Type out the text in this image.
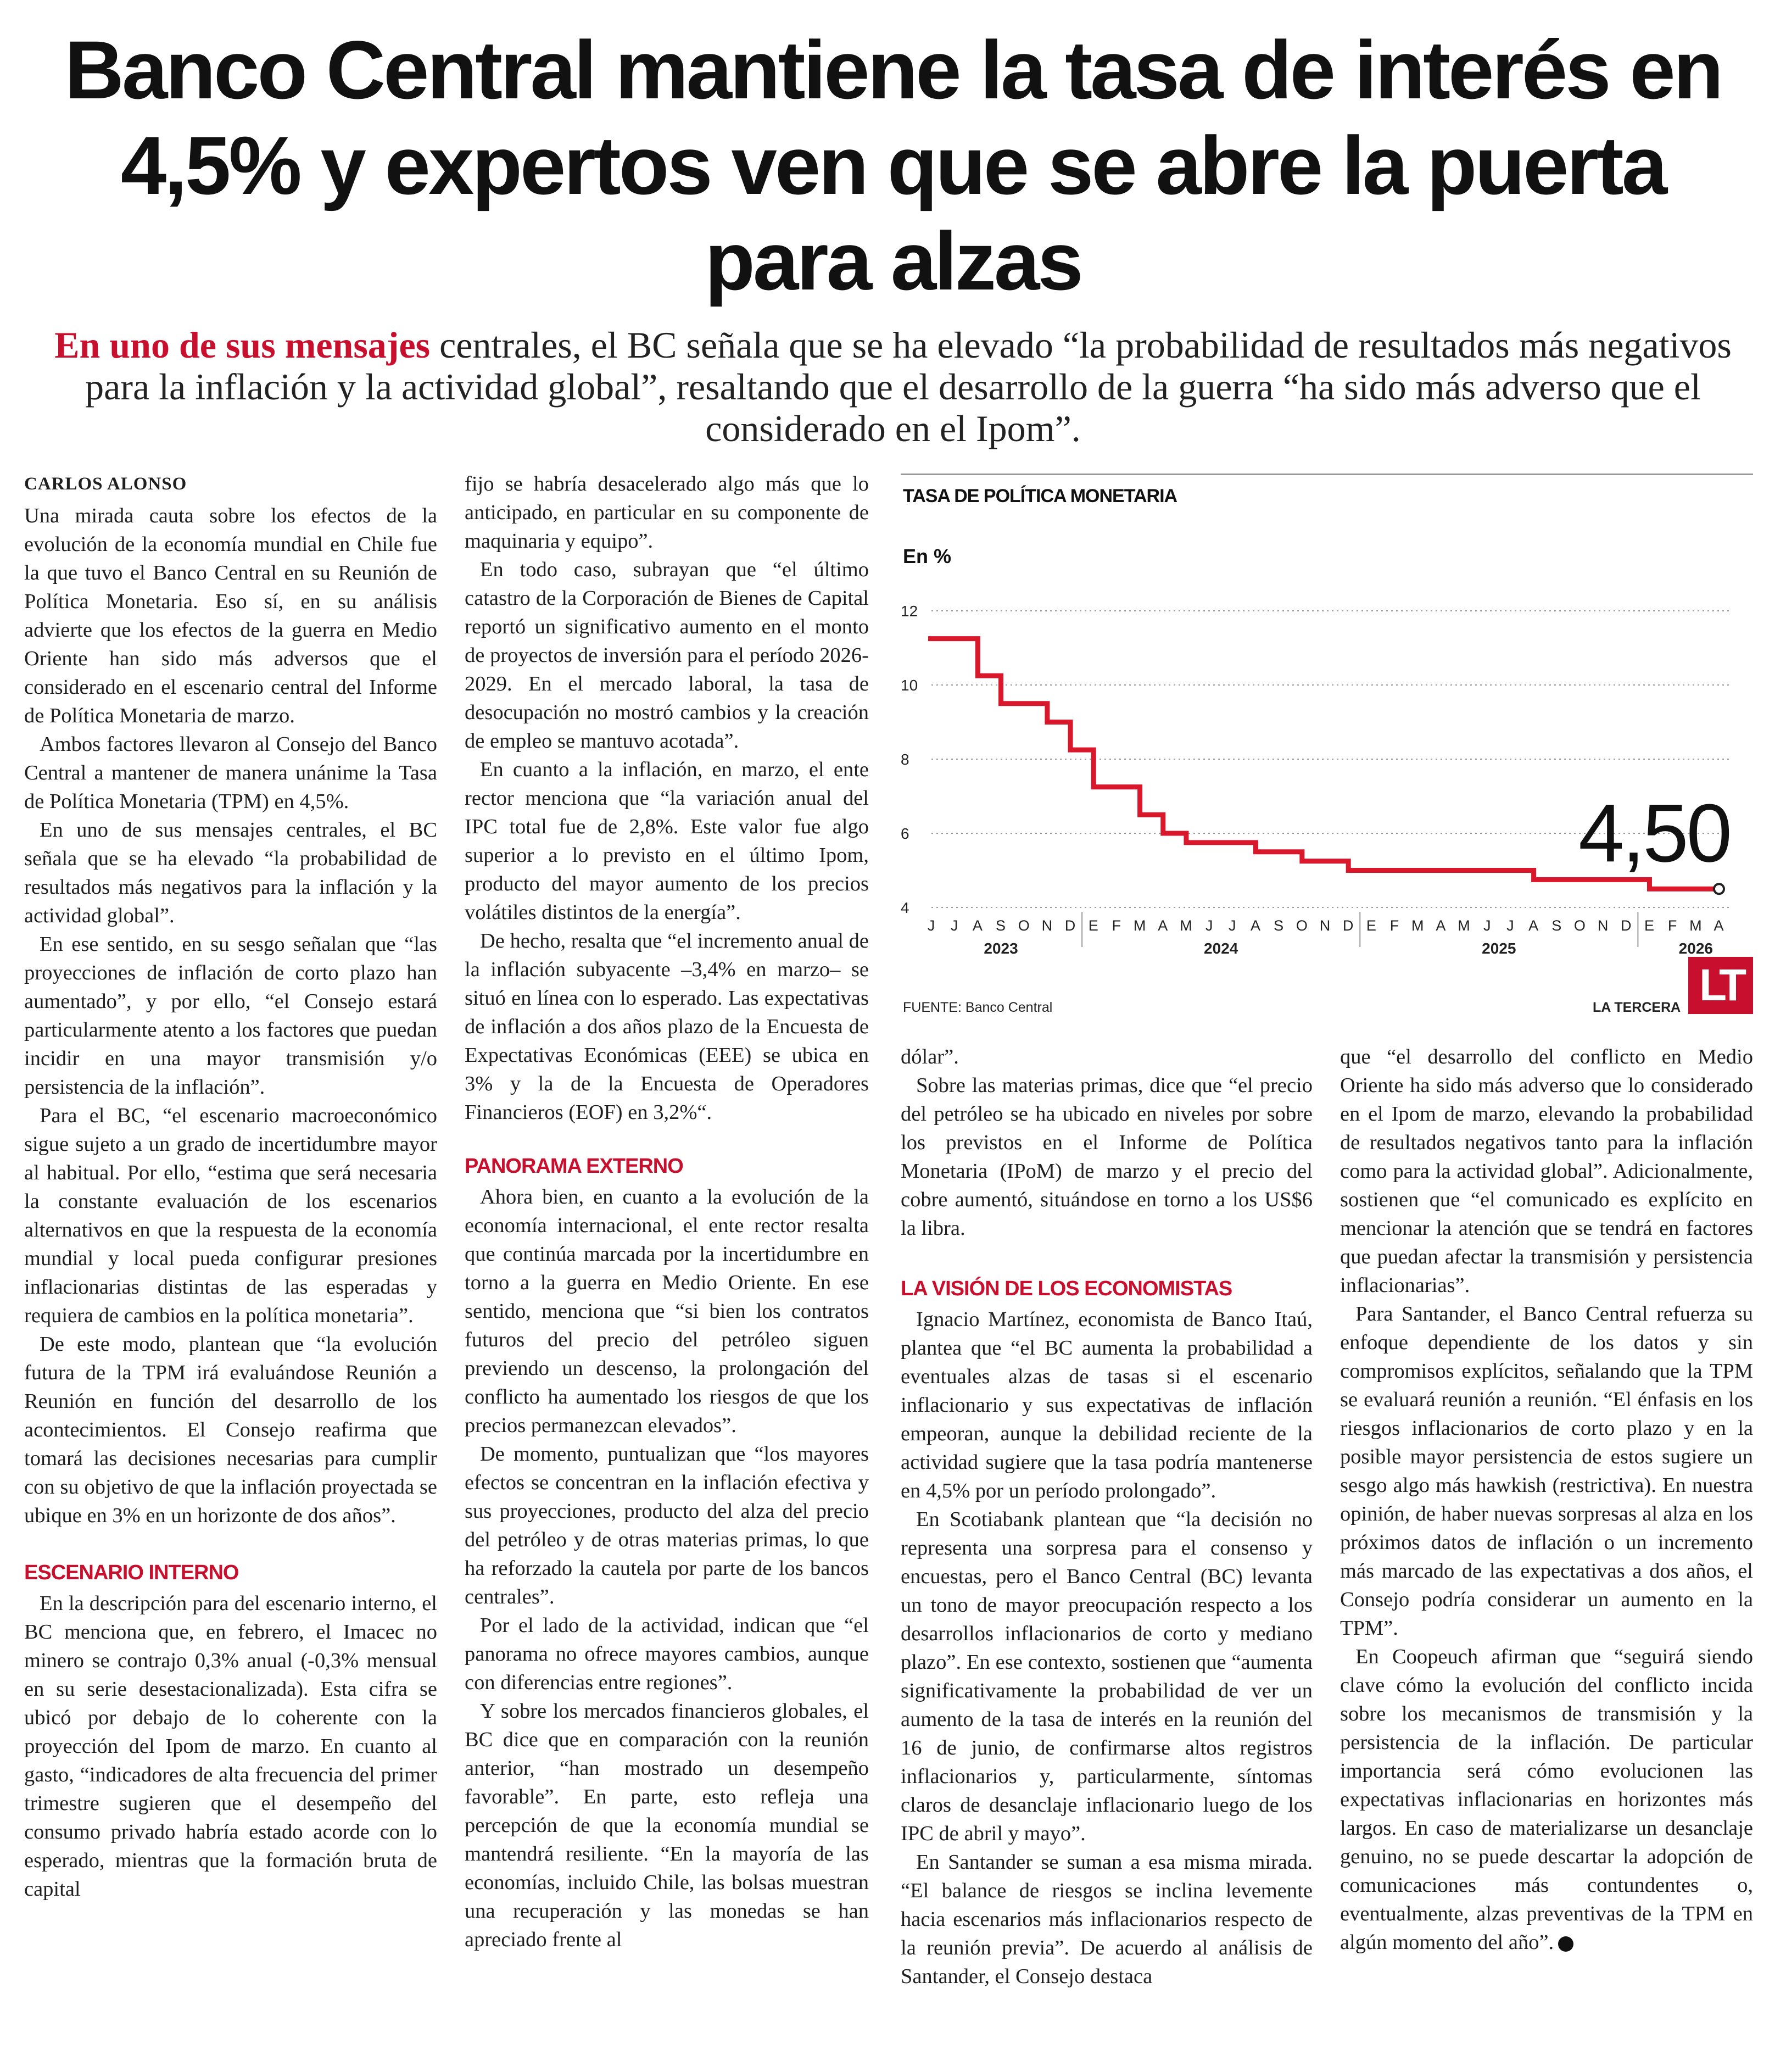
Banco Central mantiene la tasa de interés en 4,5% y expertos ven que se abre la puerta para alzas

En uno de sus mensajes centrales, el BC señala que se ha elevado “la probabilidad de resultados más negativos para la inflación y la actividad global”, resaltando que el desarrollo de la guerra “ha sido más adverso que el considerado en el Ipom”.

CARLOS ALONSO

Una mirada cauta sobre los efectos de la evolución de la economía mundial en Chile fue la que tuvo el Banco Central en su Reunión de Política Monetaria. Eso sí, en su análisis advierte que los efectos de la guerra en Medio Oriente han sido más adversos que el considerado en el escenario central del Informe de Política Monetaria de marzo.

Ambos factores llevaron al Consejo del Banco Central a mantener de manera unánime la Tasa de Política Monetaria (TPM) en 4,5%.

En uno de sus mensajes centrales, el BC señala que se ha elevado “la probabilidad de resultados más negativos para la inflación y la actividad global”.

En ese sentido, en su sesgo señalan que “las proyecciones de inflación de corto plazo han aumentado”, y por ello, “el Consejo estará particularmente atento a los factores que puedan incidir en una mayor transmisión y/o persistencia de la inflación”.

Para el BC, “el escenario macroeconómico sigue sujeto a un grado de incertidumbre mayor al habitual. Por ello, “estima que será necesaria la constante evaluación de los escenarios alternativos en que la respuesta de la economía mundial y local pueda configurar presiones inflacionarias distintas de las esperadas y requiera de cambios en la política monetaria”.

De este modo, plantean que “la evolución futura de la TPM irá evaluándose Reunión a Reunión en función del desarrollo de los acontecimientos. El Consejo reafirma que tomará las decisiones necesarias para cumplir con su objetivo de que la inflación proyectada se ubique en 3% en un horizonte de dos años”.

ESCENARIO INTERNO

En la descripción para del escenario interno, el BC menciona que, en febrero, el Imacec no minero se contrajo 0,3% anual (-0,3% mensual en su serie desestacionalizada). Esta cifra se ubicó por debajo de lo coherente con la proyección del Ipom de marzo. En cuanto al gasto, “indicadores de alta frecuencia del primer trimestre sugieren que el desempeño del consumo privado habría estado acorde con lo esperado, mientras que la formación bruta de capital

fijo se habría desacelerado algo más que lo anticipado, en particular en su componente de maquinaria y equipo”.

En todo caso, subrayan que “el último catastro de la Corporación de Bienes de Capital reportó un significativo aumento en el monto de proyectos de inversión para el período 2026-2029. En el mercado laboral, la tasa de desocupación no mostró cambios y la creación de empleo se mantuvo acotada”.

En cuanto a la inflación, en marzo, el ente rector menciona que “la variación anual del IPC total fue de 2,8%. Este valor fue algo superior a lo previsto en el último Ipom, producto del mayor aumento de los precios volátiles distintos de la energía”.

De hecho, resalta que “el incremento anual de la inflación subyacente –3,4% en marzo– se situó en línea con lo esperado. Las expectativas de inflación a dos años plazo de la Encuesta de Expectativas Económicas (EEE) se ubica en 3% y la de la Encuesta de Operadores Financieros (EOF) en 3,2%“.

PANORAMA EXTERNO

Ahora bien, en cuanto a la evolución de la economía internacional, el ente rector resalta que continúa marcada por la incertidumbre en torno a la guerra en Medio Oriente. En ese sentido, menciona que “si bien los contratos futuros del precio del petróleo siguen previendo un descenso, la prolongación del conflicto ha aumentado los riesgos de que los precios permanezcan elevados”.

De momento, puntualizan que “los mayores efectos se concentran en la inflación efectiva y sus proyecciones, producto del alza del precio del petróleo y de otras materias primas, lo que ha reforzado la cautela por parte de los bancos centrales”.

Por el lado de la actividad, indican que “el panorama no ofrece mayores cambios, aunque con diferencias entre regiones”.

Y sobre los mercados financieros globales, el BC dice que en comparación con la reunión anterior, “han mostrado un desempeño favorable”. En parte, esto refleja una percepción de que la economía mundial se mantendrá resiliente. “En la mayoría de las economías, incluido Chile, las bolsas muestran una recuperación y las monedas se han apreciado frente al

TASA DE POLÍTICA MONETARIA
En %
12
10
8
6
4
J J A S O N D E F M A M J J A S O N D E F M A M J J A S O N D E F M A
2023	2024	2025	2026
4,50
FUENTE: Banco Central	LA TERCERA LT

dólar”.

Sobre las materias primas, dice que “el precio del petróleo se ha ubicado en niveles por sobre los previstos en el Informe de Política Monetaria (IPoM) de marzo y el precio del cobre aumentó, situándose en torno a los US$6 la libra.

LA VISIÓN DE LOS ECONOMISTAS

Ignacio Martínez, economista de Banco Itaú, plantea que “el BC aumenta la probabilidad a eventuales alzas de tasas si el escenario inflacionario y sus expectativas de inflación empeoran, aunque la debilidad reciente de la actividad sugiere que la tasa podría mantenerse en 4,5% por un período prolongado”.

En Scotiabank plantean que “la decisión no representa una sorpresa para el consenso y encuestas, pero el Banco Central (BC) levanta un tono de mayor preocupación respecto a los desarrollos inflacionarios de corto y mediano plazo”. En ese contexto, sostienen que “aumenta significativamente la probabilidad de ver un aumento de la tasa de interés en la reunión del 16 de junio, de confirmarse altos registros inflacionarios y, particularmente, síntomas claros de desanclaje inflacionario luego de los IPC de abril y mayo”.

En Santander se suman a esa misma mirada. “El balance de riesgos se inclina levemente hacia escenarios más inflacionarios respecto de la reunión previa”. De acuerdo al análisis de Santander, el Consejo destaca

que “el desarrollo del conflicto en Medio Oriente ha sido más adverso que lo considerado en el Ipom de marzo, elevando la probabilidad de resultados negativos tanto para la inflación como para la actividad global”. Adicionalmente, sostienen que “el comunicado es explícito en mencionar la atención que se tendrá en factores que puedan afectar la transmisión y persistencia inflacionarias”.

Para Santander, el Banco Central refuerza su enfoque dependiente de los datos y sin compromisos explícitos, señalando que la TPM se evaluará reunión a reunión. “El énfasis en los riesgos inflacionarios de corto plazo y en la posible mayor persistencia de estos sugiere un sesgo algo más hawkish (restrictiva). En nuestra opinión, de haber nuevas sorpresas al alza en los próximos datos de inflación o un incremento más marcado de las expectativas a dos años, el Consejo podría considerar un aumento en la TPM”.

En Coopeuch afirman que “seguirá siendo clave cómo la evolución del conflicto incida sobre los mecanismos de transmisión y la persistencia de la inflación. De particular importancia será cómo evolucionen las expectativas inflacionarias en horizontes más largos. En caso de materializarse un desanclaje genuino, no se puede descartar la adopción de comunicaciones más contundentes o, eventualmente, alzas preventivas de la TPM en algún momento del año”. P
